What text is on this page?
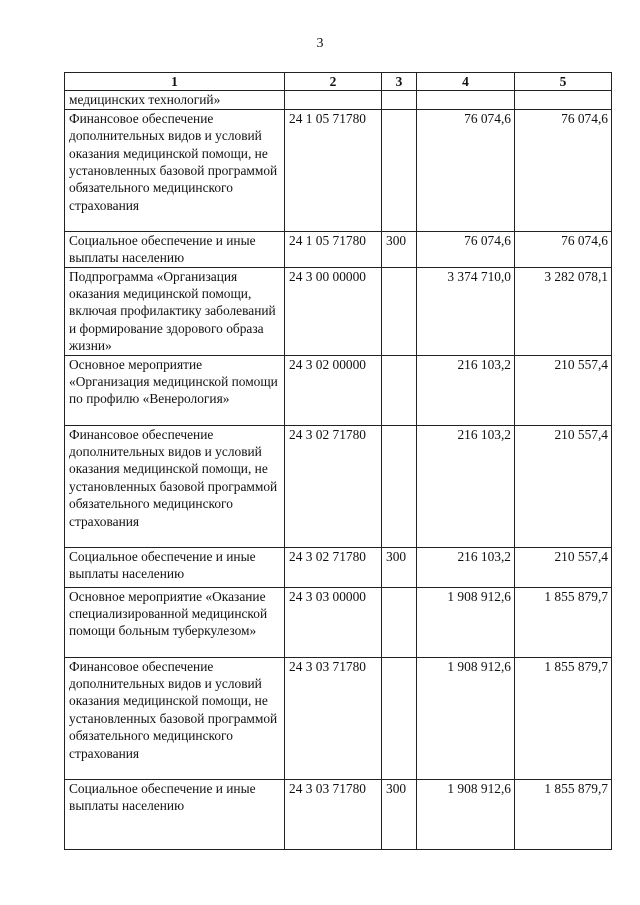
3
1	2	3	4	5
медицинских технологий»				
Финансовое обеспечение дополнительных видов и условий оказания медицинской помощи, не установленных базовой программой обязательного медицинского страхования	24 1 05 71780		76 074,6	76 074,6
Социальное обеспечение и иные выплаты населению	24 1 05 71780	300	76 074,6	76 074,6
Подпрограмма «Организация оказания медицинской помощи, включая профилактику заболеваний и формирование здорового образа жизни»	24 3 00 00000		3 374 710,0	3 282 078,1
Основное мероприятие «Организация медицинской помощи по профилю «Венерология»	24 3 02 00000		216 103,2	210 557,4
Финансовое обеспечение дополнительных видов и условий оказания медицинской помощи, не установленных базовой программой обязательного медицинского страхования	24 3 02 71780		216 103,2	210 557,4
Социальное обеспечение и иные выплаты населению	24 3 02 71780	300	216 103,2	210 557,4
Основное мероприятие «Оказание специализированной медицинской помощи больным туберкулезом»	24 3 03 00000		1 908 912,6	1 855 879,7
Финансовое обеспечение дополнительных видов и условий оказания медицинской помощи, не установленных базовой программой обязательного медицинского страхования	24 3 03 71780		1 908 912,6	1 855 879,7
Социальное обеспечение и иные выплаты населению	24 3 03 71780	300	1 908 912,6	1 855 879,7
